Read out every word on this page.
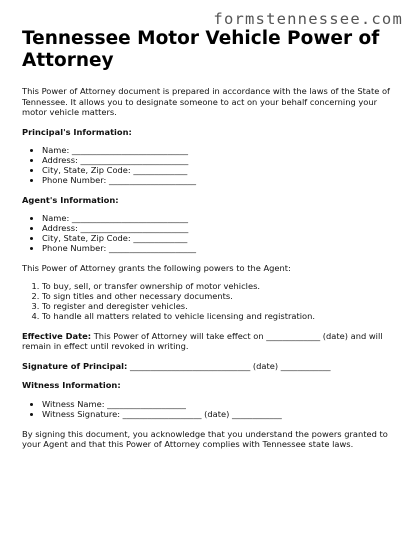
formstennessee.com
Tennessee Motor Vehicle Power of Attorney

This Power of Attorney document is prepared in accordance with the laws of the State of Tennessee. It allows you to designate someone to act on your behalf concerning your motor vehicle matters.

Principal's Information:
• Name: ____________________________
• Address: __________________________
• City, State, Zip Code: _____________
• Phone Number: _____________________
Agent's Information:
• Name: ____________________________
• Address: __________________________
• City, State, Zip Code: _____________
• Phone Number: _____________________

This Power of Attorney grants the following powers to the Agent:

1. To buy, sell, or transfer ownership of motor vehicles.
2. To sign titles and other necessary documents.
3. To register and deregister vehicles.
4. To handle all matters related to vehicle licensing and registration.

Effective Date: This Power of Attorney will take effect on _____________ (date) and will remain in effect until revoked in writing.

Signature of Principal: _____________________________ (date) ____________

Witness Information:
• Witness Name: ___________________
• Witness Signature: ___________________ (date) ____________

By signing this document, you acknowledge that you understand the powers granted to your Agent and that this Power of Attorney complies with Tennessee state laws.
